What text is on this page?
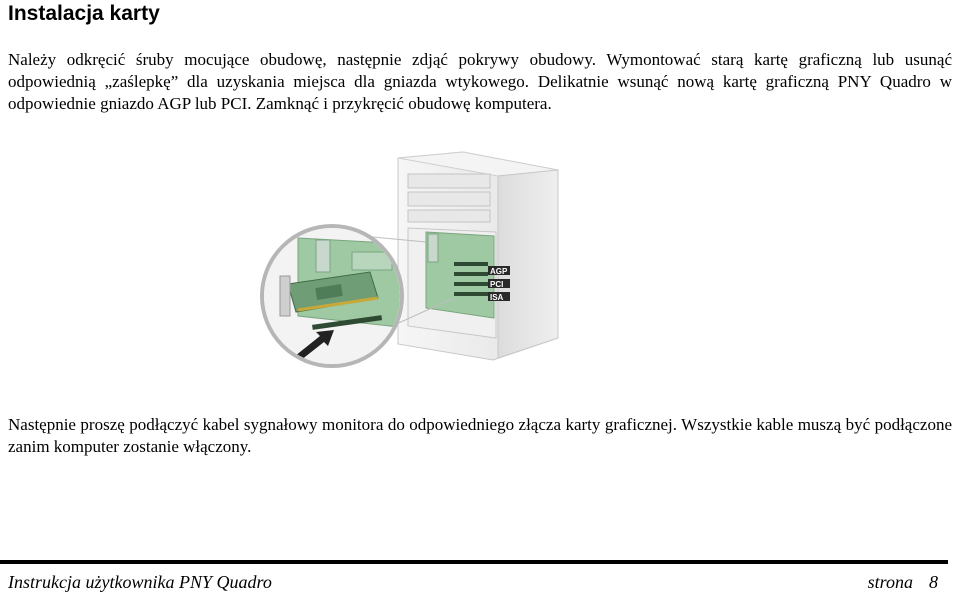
Instalacja karty

Należy odkręcić śruby mocujące obudowę, następnie zdjąć pokrywy obudowy. Wymontować starą kartę graficzną lub usunąć odpowiednią „zaślepkę” dla uzyskania miejsca dla gniazda wtykowego. Delikatnie wsunąć nową kartę graficzną PNY Quadro w odpowiednie gniazdo AGP lub PCI. Zamknąć i przykręcić obudowę komputera.

AGP
PCI
ISA

Następnie proszę podłączyć kabel sygnałowy monitora do odpowiedniego złącza karty graficznej. Wszystkie kable muszą być podłączone zanim komputer zostanie włączony.

Instrukcja użytkownika PNY Quadro	strona 8
